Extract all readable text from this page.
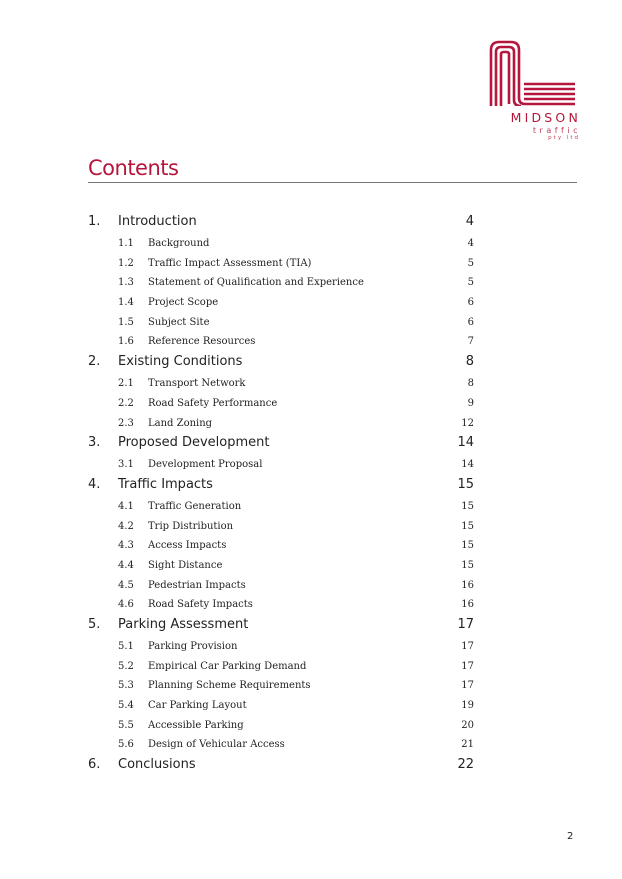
MIDSON
traffic
pty ltd
Contents
1. Introduction	4
1.1 Background	4
1.2 Traffic Impact Assessment (TIA)	5
1.3 Statement of Qualification and Experience	5
1.4 Project Scope	6
1.5 Subject Site	6
1.6 Reference Resources	7
2. Existing Conditions	8
2.1 Transport Network	8
2.2 Road Safety Performance	9
2.3 Land Zoning	12
3. Proposed Development	14
3.1 Development Proposal	14
4. Traffic Impacts	15
4.1 Traffic Generation	15
4.2 Trip Distribution	15
4.3 Access Impacts	15
4.4 Sight Distance	15
4.5 Pedestrian Impacts	16
4.6 Road Safety Impacts	16
5. Parking Assessment	17
5.1 Parking Provision	17
5.2 Empirical Car Parking Demand	17
5.3 Planning Scheme Requirements	17
5.4 Car Parking Layout	19
5.5 Accessible Parking	20
5.6 Design of Vehicular Access	21
6. Conclusions	22
2
